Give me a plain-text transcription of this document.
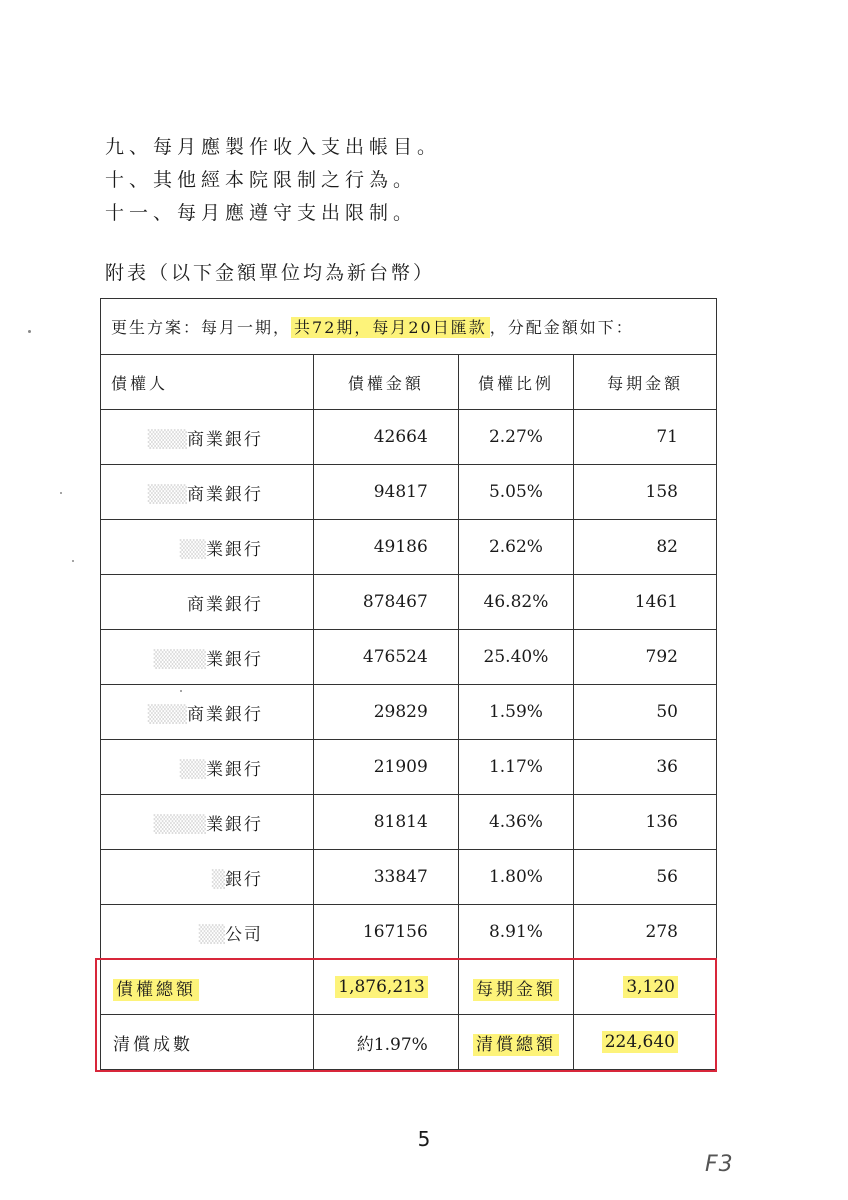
九、每月應製作收入支出帳目。
十、其他經本院限制之行為。
十一、每月應遵守支出限制。
附表（以下金額單位均為新台幣）
更生方案：每月一期， 共72期，每月20日匯款 ，分配金額如下：			
債權人	債權金額	債權比例	每期金額
▒▒▒商業銀行	42664	2.27%	71
▒▒▒商業銀行	94817	5.05%	158
▒▒業銀行	49186	2.62%	82
商業銀行	878467	46.82%	1461
▒▒▒▒業銀行	476524	25.40%	792
▒▒▒商業銀行	29829	1.59%	50
▒▒業銀行	21909	1.17%	36
▒▒▒▒業銀行	81814	4.36%	136
▒銀行	33847	1.80%	56
▒▒公司	167156	8.91%	278
債權總額	1,876,213	每期金額	3,120
清償成數	約1.97%	清償總額	224,640
5
F3
